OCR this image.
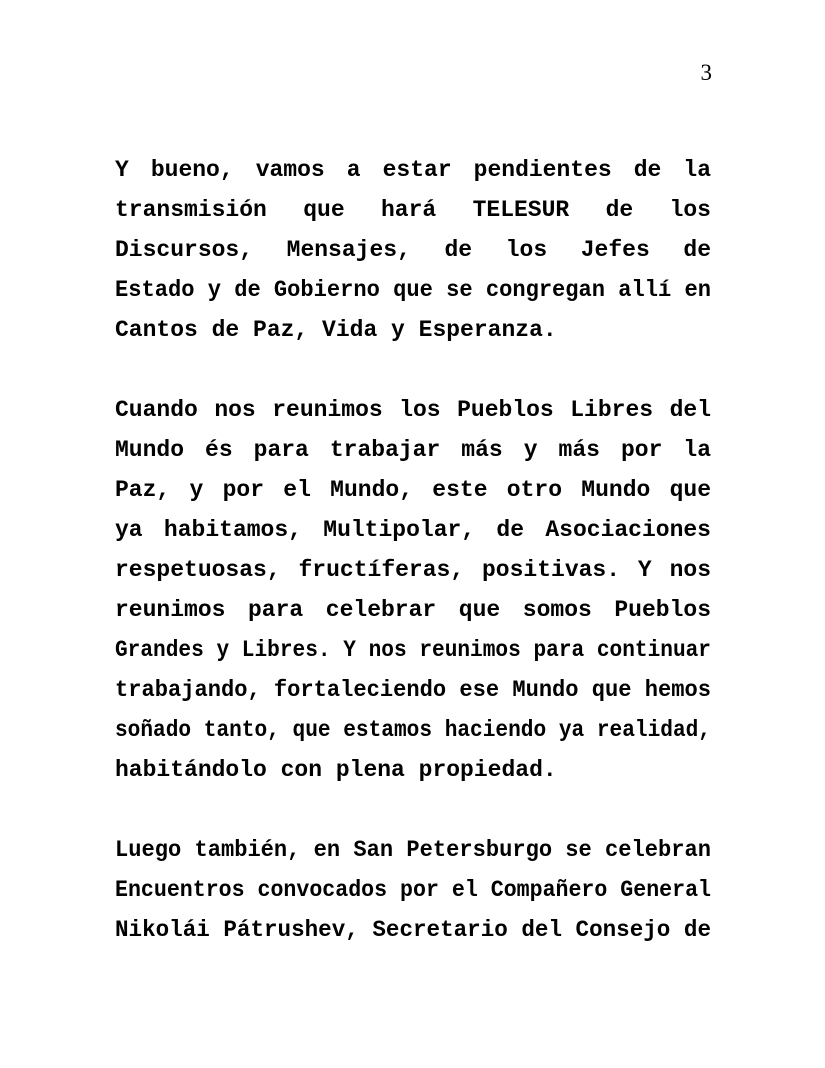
3
Y bueno, vamos a estar pendientes de la
transmisión que hará TELESUR de los
Discursos, Mensajes, de los Jefes de
Estado y de Gobierno que se congregan allí en
Cantos de Paz, Vida y Esperanza.
Cuando nos reunimos los Pueblos Libres del
Mundo és para trabajar más y más por la
Paz, y por el Mundo, este otro Mundo que
ya habitamos, Multipolar, de Asociaciones
respetuosas, fructíferas, positivas. Y nos
reunimos para celebrar que somos Pueblos
Grandes y Libres. Y nos reunimos para continuar
trabajando, fortaleciendo ese Mundo que hemos
soñado tanto, que estamos haciendo ya realidad,
habitándolo con plena propiedad.
Luego también, en San Petersburgo se celebran
Encuentros convocados por el Compañero General
Nikolái Pátrushev, Secretario del Consejo de
